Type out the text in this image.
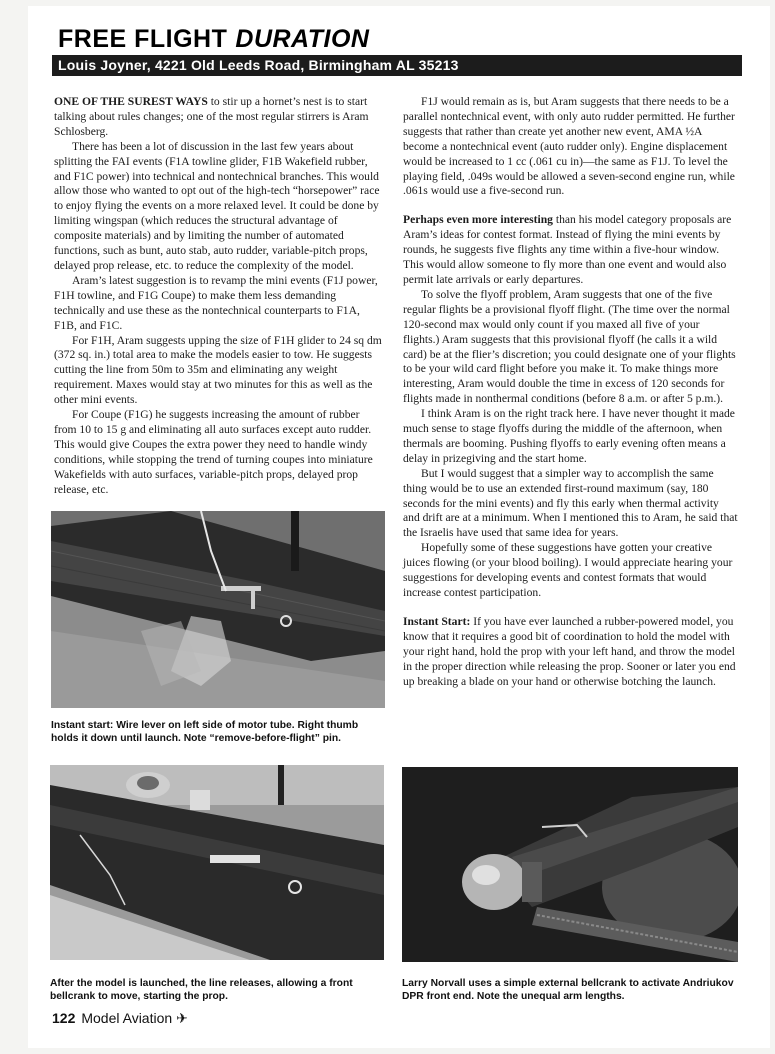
FREE FLIGHT DURATION
Louis Joyner, 4221 Old Leeds Road, Birmingham AL 35213

ONE OF THE SUREST WAYS to stir up a hornet’s nest is to start talking about rules changes; one of the most regular stirrers is Aram Schlosberg.

There has been a lot of discussion in the last few years about splitting the FAI events (F1A towline glider, F1B Wakefield rubber, and F1C power) into technical and nontechnical branches. This would allow those who wanted to opt out of the high-tech “horsepower” race to enjoy flying the events on a more relaxed level. It could be done by limiting wingspan (which reduces the structural advantage of composite materials) and by limiting the number of automated functions, such as bunt, auto stab, auto rudder, variable-pitch props, delayed prop release, etc. to reduce the complexity of the model.

Aram’s latest suggestion is to revamp the mini events (F1J power, F1H towline, and F1G Coupe) to make them less demanding technically and use these as the nontechnical counterparts to F1A, F1B, and F1C.

For F1H, Aram suggests upping the size of F1H glider to 24 sq dm (372 sq. in.) total area to make the models easier to tow. He suggests cutting the line from 50m to 35m and eliminating any weight requirement. Maxes would stay at two minutes for this as well as the other mini events.

For Coupe (F1G) he suggests increasing the amount of rubber from 10 to 15 g and eliminating all auto surfaces except auto rudder. This would give Coupes the extra power they need to handle windy conditions, while stopping the trend of turning coupes into miniature Wakefields with auto surfaces, variable-pitch props, delayed prop release, etc.

F1J would remain as is, but Aram suggests that there needs to be a parallel nontechnical event, with only auto rudder permitted. He further suggests that rather than create yet another new event, AMA ½A become a nontechnical event (auto rudder only). Engine displacement would be increased to 1 cc (.061 cu in)—the same as F1J. To level the playing field, .049s would be allowed a seven-second engine run, while .061s would use a five-second run.

Perhaps even more interesting than his model category proposals are Aram’s ideas for contest format. Instead of flying the mini events by rounds, he suggests five flights any time within a five-hour window. This would allow someone to fly more than one event and would also permit late arrivals or early departures.

To solve the flyoff problem, Aram suggests that one of the five regular flights be a provisional flyoff flight. (The time over the normal 120-second max would only count if you maxed all five of your flights.) Aram suggests that this provisional flyoff (he calls it a wild card) be at the flier’s discretion; you could designate one of your flights to be your wild card flight before you make it. To make things more interesting, Aram would double the time in excess of 120 seconds for flights made in nonthermal conditions (before 8 a.m. or after 5 p.m.).

I think Aram is on the right track here. I have never thought it made much sense to stage flyoffs during the middle of the afternoon, when thermals are booming. Pushing flyoffs to early evening often means a delay in prizegiving and the start home.

But I would suggest that a simpler way to accomplish the same thing would be to use an extended first-round maximum (say, 180 seconds for the mini events) and fly this early when thermal activity and drift are at a minimum. When I mentioned this to Aram, he said that the Israelis have used that same idea for years.

Hopefully some of these suggestions have gotten your creative juices flowing (or your blood boiling). I would appreciate hearing your suggestions for developing events and contest formats that would increase contest participation.

Instant Start: If you have ever launched a rubber-powered model, you know that it requires a good bit of coordination to hold the model with your right hand, hold the prop with your left hand, and throw the model in the proper direction while releasing the prop. Sooner or later you end up breaking a blade on your hand or otherwise botching the launch.

Instant start: Wire lever on left side of motor tube. Right thumb holds it down until launch. Note “remove-before-flight” pin.
After the model is launched, the line releases, allowing a front bellcrank to move, starting the prop.
Larry Norvall uses a simple external bellcrank to activate Andriukov DPR front end. Note the unequal arm lengths.
122 Model Aviation ✈
